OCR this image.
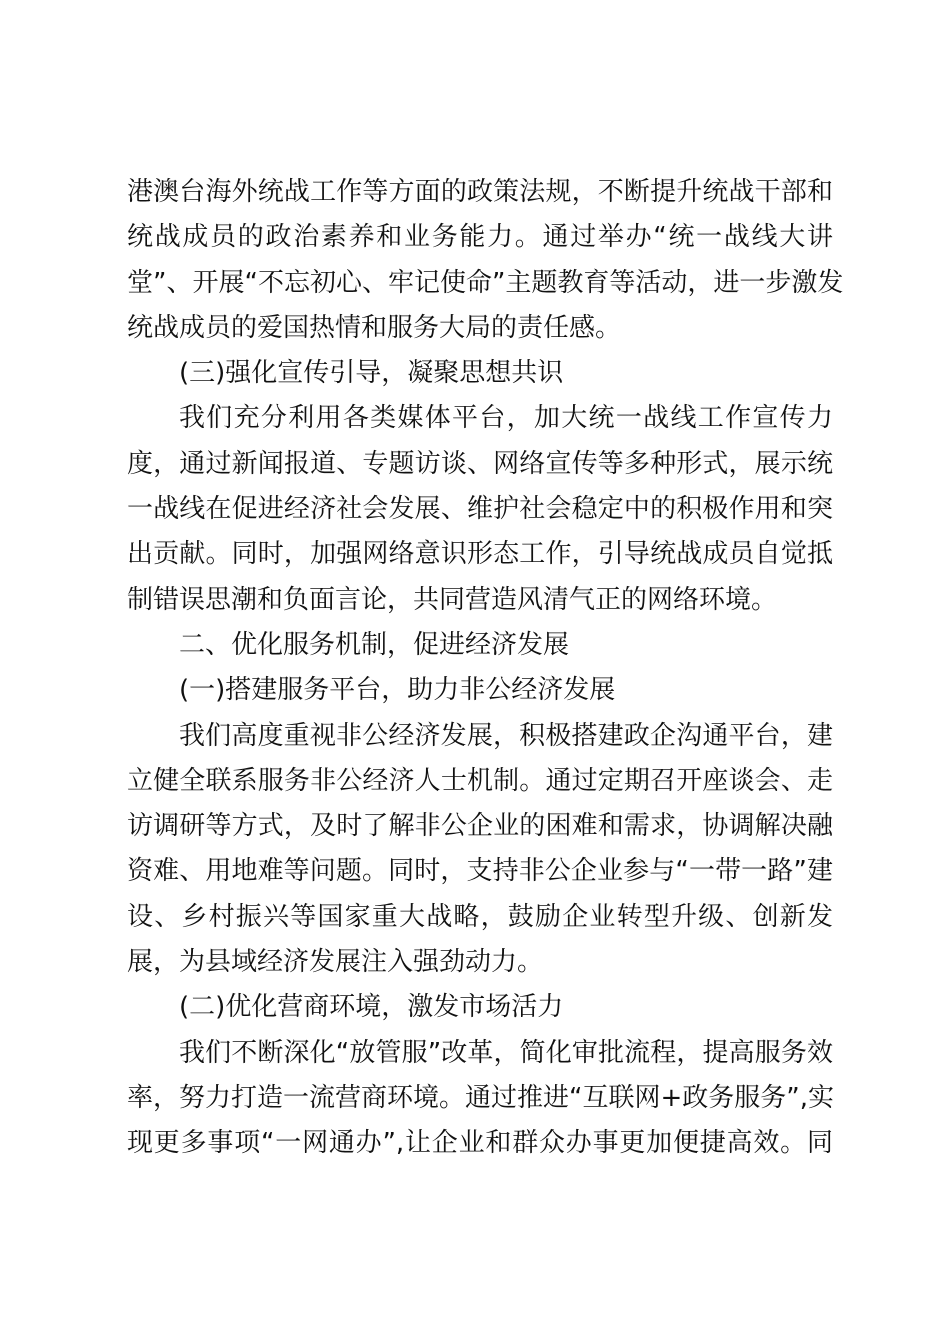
港澳台海外统战工作等方面的政策法规，不断提升统战干部和
统战成员的政治素养和业务能力。通过举办“统一战线大讲
堂”、开展“不忘初心、牢记使命”主题教育等活动，进一步激发
统战成员的爱国热情和服务大局的责任感。
(三)强化宣传引导，凝聚思想共识
我们充分利用各类媒体平台，加大统一战线工作宣传力
度，通过新闻报道、专题访谈、网络宣传等多种形式，展示统
一战线在促进经济社会发展、维护社会稳定中的积极作用和突
出贡献。同时，加强网络意识形态工作，引导统战成员自觉抵
制错误思潮和负面言论，共同营造风清气正的网络环境。
二、优化服务机制，促进经济发展
(一)搭建服务平台，助力非公经济发展
我们高度重视非公经济发展，积极搭建政企沟通平台，建
立健全联系服务非公经济人士机制。通过定期召开座谈会、走
访调研等方式，及时了解非公企业的困难和需求，协调解决融
资难、用地难等问题。同时，支持非公企业参与“一带一路”建
设、乡村振兴等国家重大战略，鼓励企业转型升级、创新发
展，为县域经济发展注入强劲动力。
(二)优化营商环境，激发市场活力
我们不断深化“放管服”改革，简化审批流程，提高服务效
率，努力打造一流营商环境。通过推进“互联网+政务服务”,实
现更多事项“一网通办”,让企业和群众办事更加便捷高效。同
